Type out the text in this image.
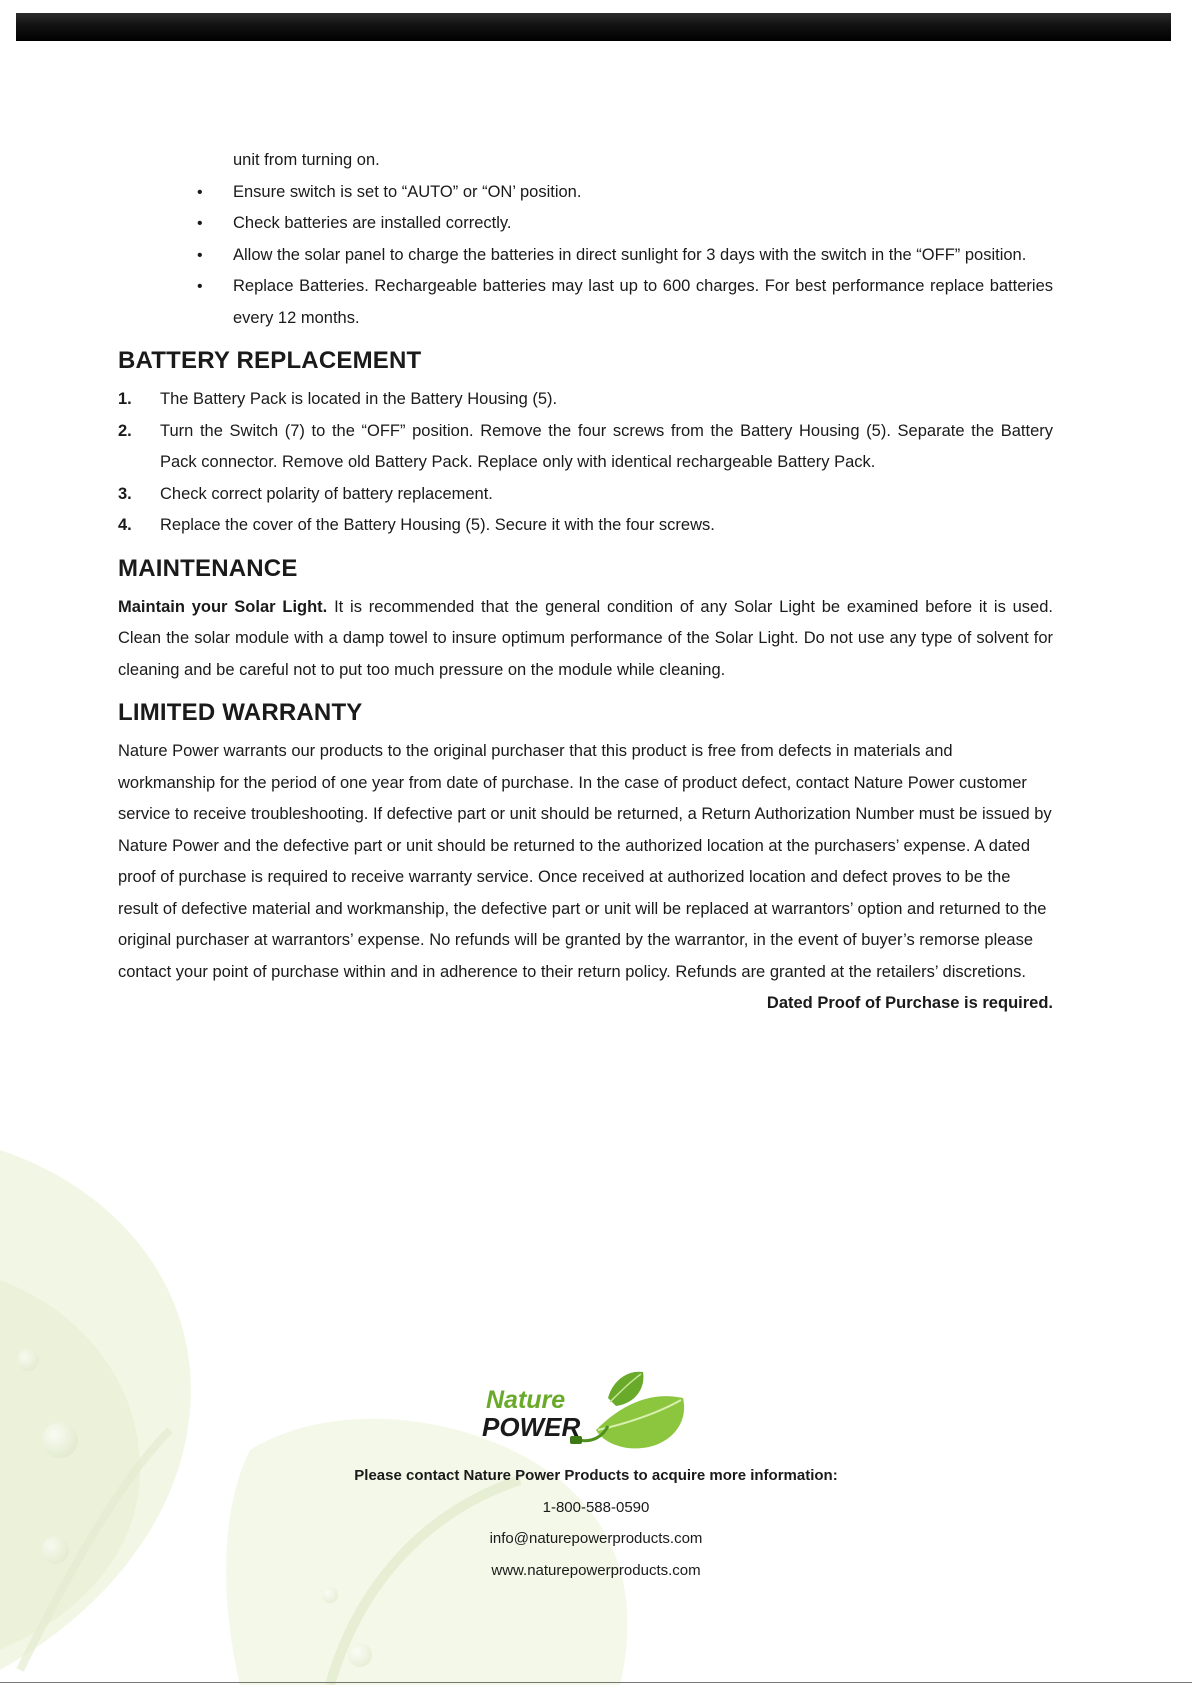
unit from turning on.
• Ensure switch is set to “AUTO” or “ON’ position.
• Check batteries are installed correctly.
• Allow the solar panel to charge the batteries in direct sunlight for 3 days with the switch in the “OFF” position.
• Replace Batteries. Rechargeable batteries may last up to 600 charges. For best performance replace batteries every 12 months.
BATTERY REPLACEMENT
1. The Battery Pack is located in the Battery Housing (5).
2. Turn the Switch (7) to the “OFF” position. Remove the four screws from the Battery Housing (5). Separate the Battery Pack connector. Remove old Battery Pack. Replace only with identical rechargeable Battery Pack.
3. Check correct polarity of battery replacement.
4. Replace the cover of the Battery Housing (5). Secure it with the four screws.
MAINTENANCE

Maintain your Solar Light. It is recommended that the general condition of any Solar Light be examined before it is used. Clean the solar module with a damp towel to insure optimum performance of the Solar Light. Do not use any type of solvent for cleaning and be careful not to put too much pressure on the module while cleaning.

LIMITED WARRANTY

Nature Power warrants our products to the original purchaser that this product is free from defects in materials and workmanship for the period of one year from date of purchase. In the case of product defect, contact Nature Power customer service to receive troubleshooting. If defective part or unit should be returned, a Return Authorization Number must be issued by Nature Power and the defective part or unit should be returned to the authorized location at the purchasers’ expense. A dated proof of purchase is required to receive warranty service. Once received at authorized location and defect proves to be the result of defective material and workmanship, the defective part or unit will be replaced at warrantors’ option and returned to the original purchaser at warrantors’ expense. No refunds will be granted by the warrantor, in the event of buyer’s remorse please contact your point of purchase within and in adherence to their return policy. Refunds are granted at the retailers’ discretions.

Dated Proof of Purchase is required.

Nature
POWER
Please contact Nature Power Products to acquire more information:
1-800-588-0590
info@naturepowerproducts.com
www.naturepowerproducts.com
